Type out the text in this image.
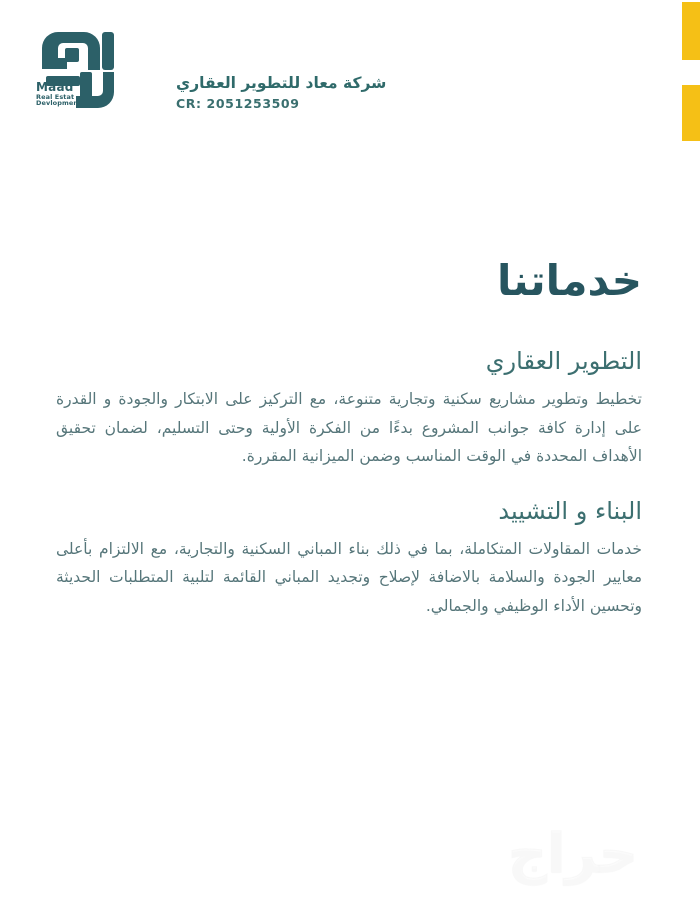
Maad
Real Estat
Devlopment
شركة معاد للتطوير العقاري
CR: 2051253509
خدماتنا
التطوير العقاري

تخطيط وتطوير مشاريع سكنية وتجارية متنوعة، مع التركيز على الابتكار والجودة و القدرة على إدارة كافة جوانب المشروع بدءًا من الفكرة الأولية وحتى التسليم، لضمان تحقيق الأهداف المحددة في الوقت المناسب وضمن الميزانية المقررة.

البناء و التشييد

خدمات المقاولات المتكاملة، بما في ذلك بناء المباني السكنية والتجارية، مع الالتزام بأعلى معايير الجودة والسلامة بالاضافة لإصلاح وتجديد المباني القائمة لتلبية المتطلبات الحديثة وتحسين الأداء الوظيفي والجمالي.

حراج
